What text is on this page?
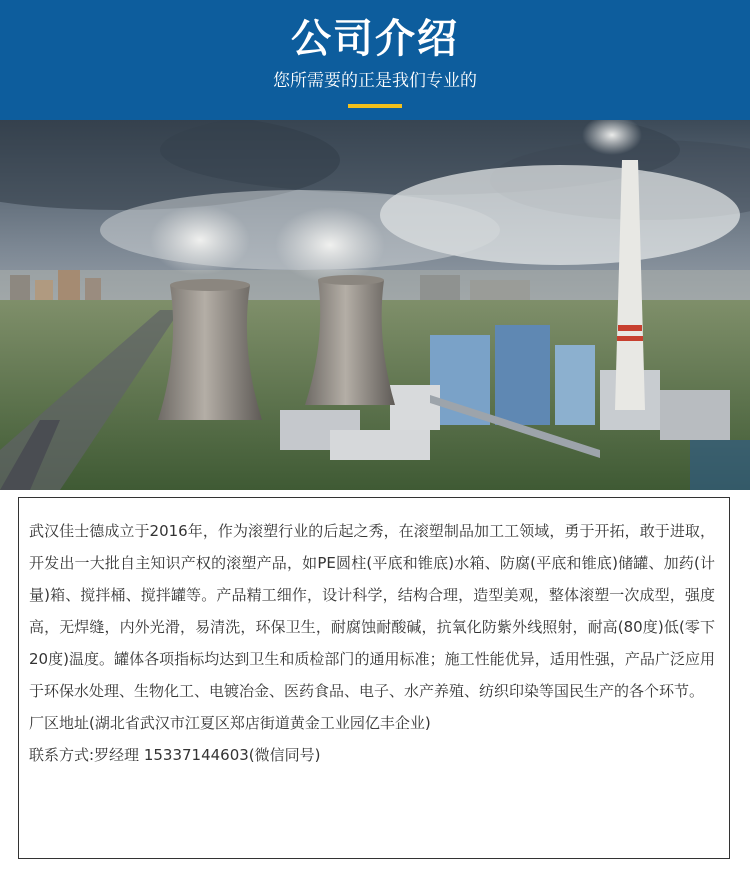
公司介绍
您所需要的正是我们专业的

武汉佳士德成立于2016年，作为滚塑行业的后起之秀，在滚塑制品加工工领域，勇于开拓，敢于进取，开发出一大批自主知识产权的滚塑产品，如PE圆柱(平底和锥底)水箱、防腐(平底和锥底)储罐、加药(计量)箱、搅拌桶、搅拌罐等。产品精工细作，设计科学，结构合理，造型美观，整体滚塑一次成型，强度高，无焊缝，内外光滑，易清洗，环保卫生，耐腐蚀耐酸碱，抗氧化防紫外线照射，耐高(80度)低(零下20度)温度。罐体各项指标均达到卫生和质检部门的通用标准；施工性能优异，适用性强，产品广泛应用于环保水处理、生物化工、电镀冶金、医药食品、电子、水产养殖、纺织印染等国民生产的各个环节。

厂区地址(湖北省武汉市江夏区郑店街道黄金工业园亿丰企业)

联系方式:罗经理 15337144603(微信同号)
